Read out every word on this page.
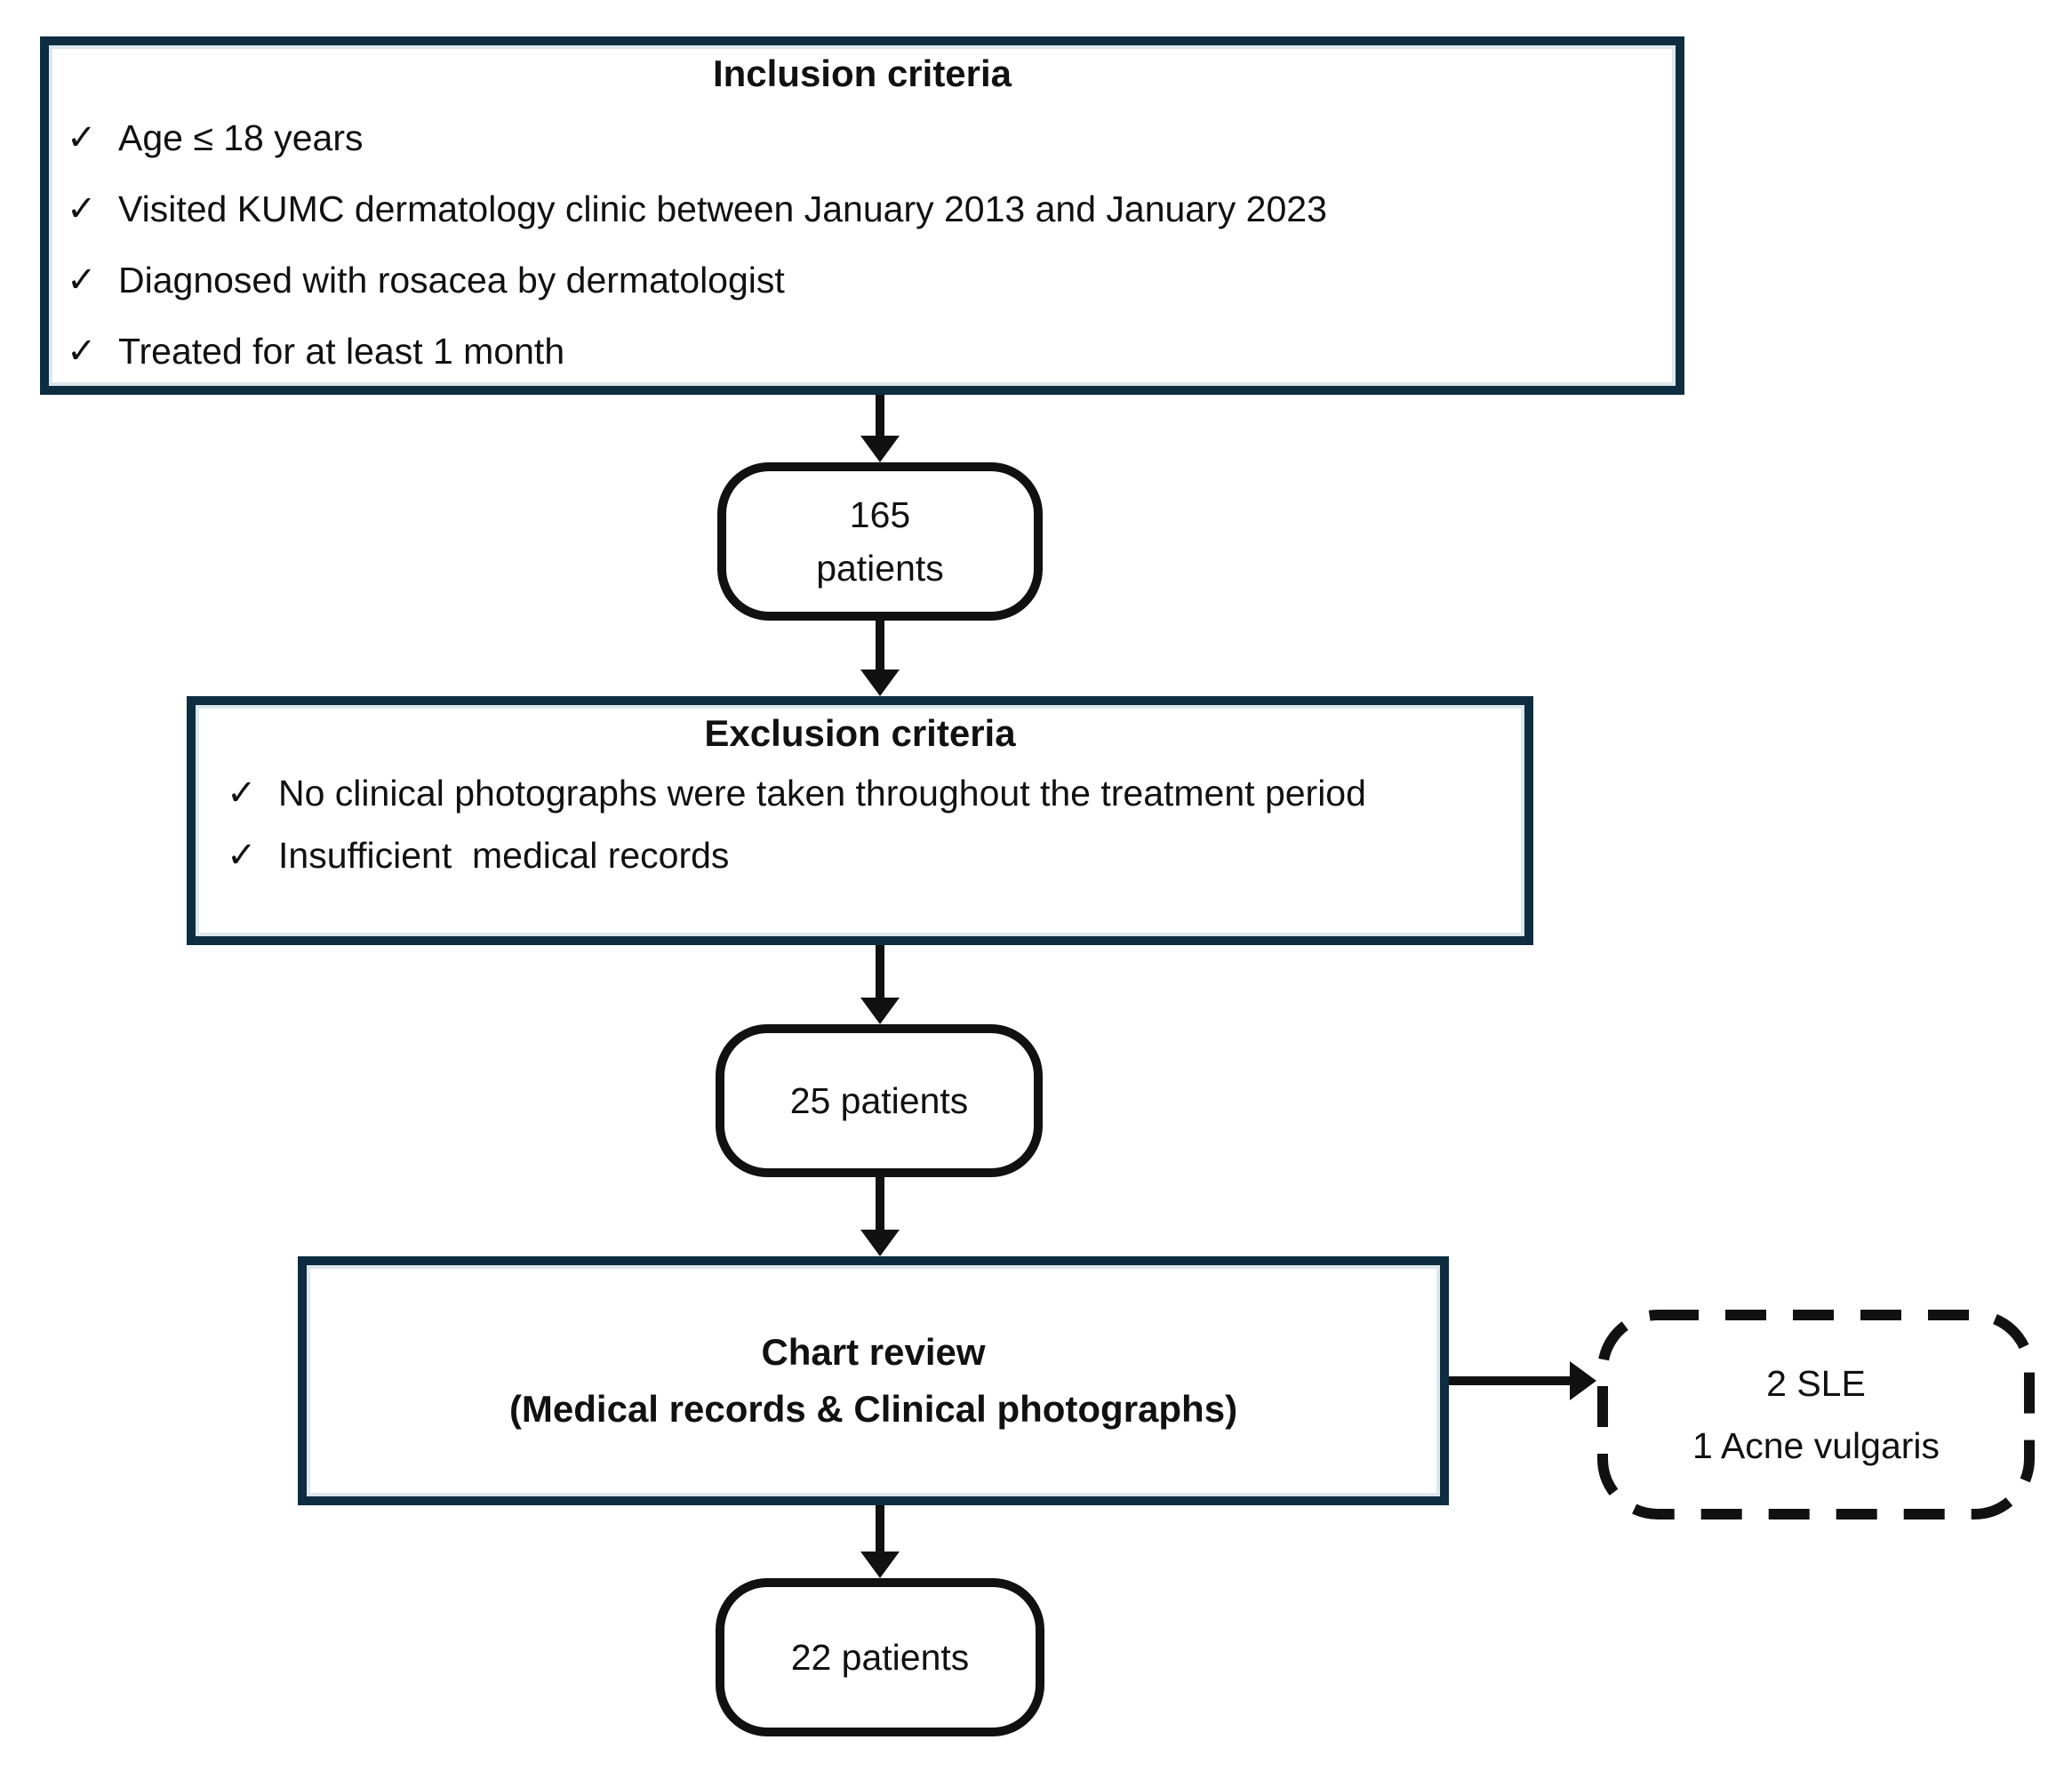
Inclusion criteria
✓ Age ≤ 18 years
✓ Visited KUMC dermatology clinic between January 2013 and January 2023
✓ Diagnosed with rosacea by dermatologist
✓ Treated for at least 1 month
165
patients
Exclusion criteria
✓ No clinical photographs were taken throughout the treatment period
✓ Insufficient  medical records
25 patients
Chart review
(Medical records & Clinical photographs)
2 SLE
1 Acne vulgaris
22 patients
